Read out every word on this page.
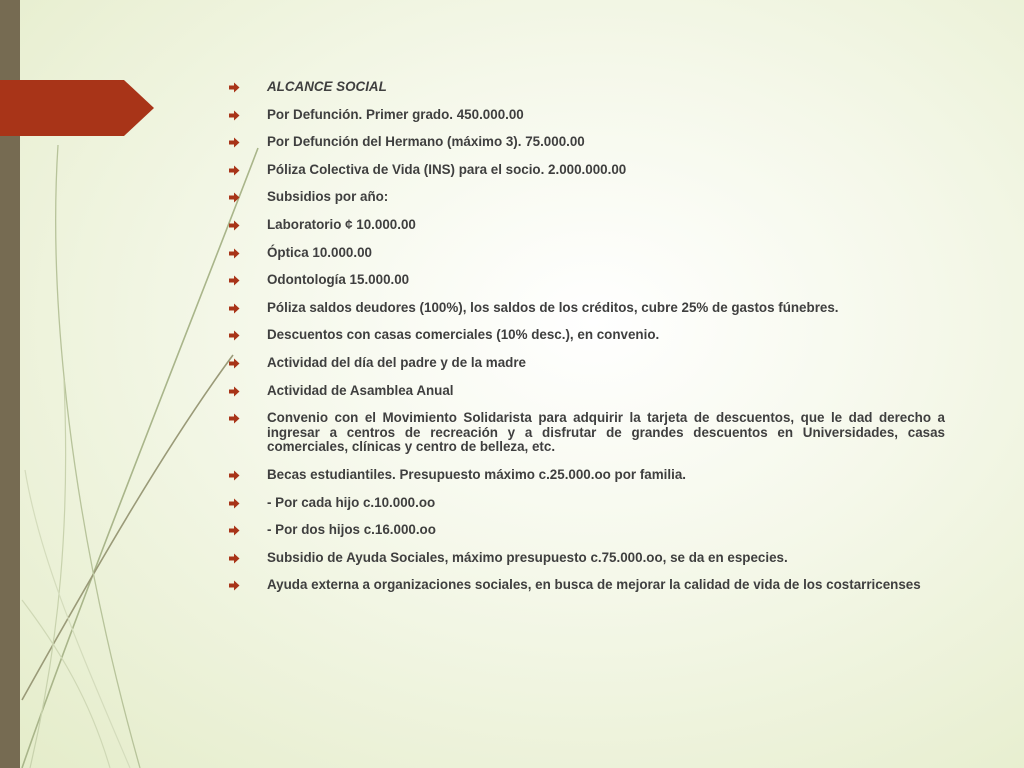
ALCANCE SOCIAL
Por Defunción. Primer grado. 450.000.00
Por Defunción del Hermano (máximo 3). 75.000.00
Póliza Colectiva de Vida (INS) para el socio. 2.000.000.00
Subsidios por año:
Laboratorio ¢ 10.000.00
Óptica 10.000.00
Odontología 15.000.00
Póliza saldos deudores (100%), los saldos de los créditos, cubre 25% de gastos fúnebres.
Descuentos con casas comerciales (10% desc.), en convenio.
Actividad del día del padre y de la madre
Actividad de Asamblea Anual
Convenio con el Movimiento Solidarista para adquirir la tarjeta de descuentos, que le dad derecho a ingresar a centros de recreación y a disfrutar de grandes descuentos en Universidades, casas comerciales, clínicas y centro de belleza, etc.
Becas estudiantiles. Presupuesto máximo c.25.000.oo por familia.
- Por cada hijo c.10.000.oo
- Por dos hijos c.16.000.oo
Subsidio de Ayuda Sociales, máximo presupuesto c.75.000.oo, se da en especies.
Ayuda externa a organizaciones sociales, en busca de mejorar la calidad de vida de los costarricenses
